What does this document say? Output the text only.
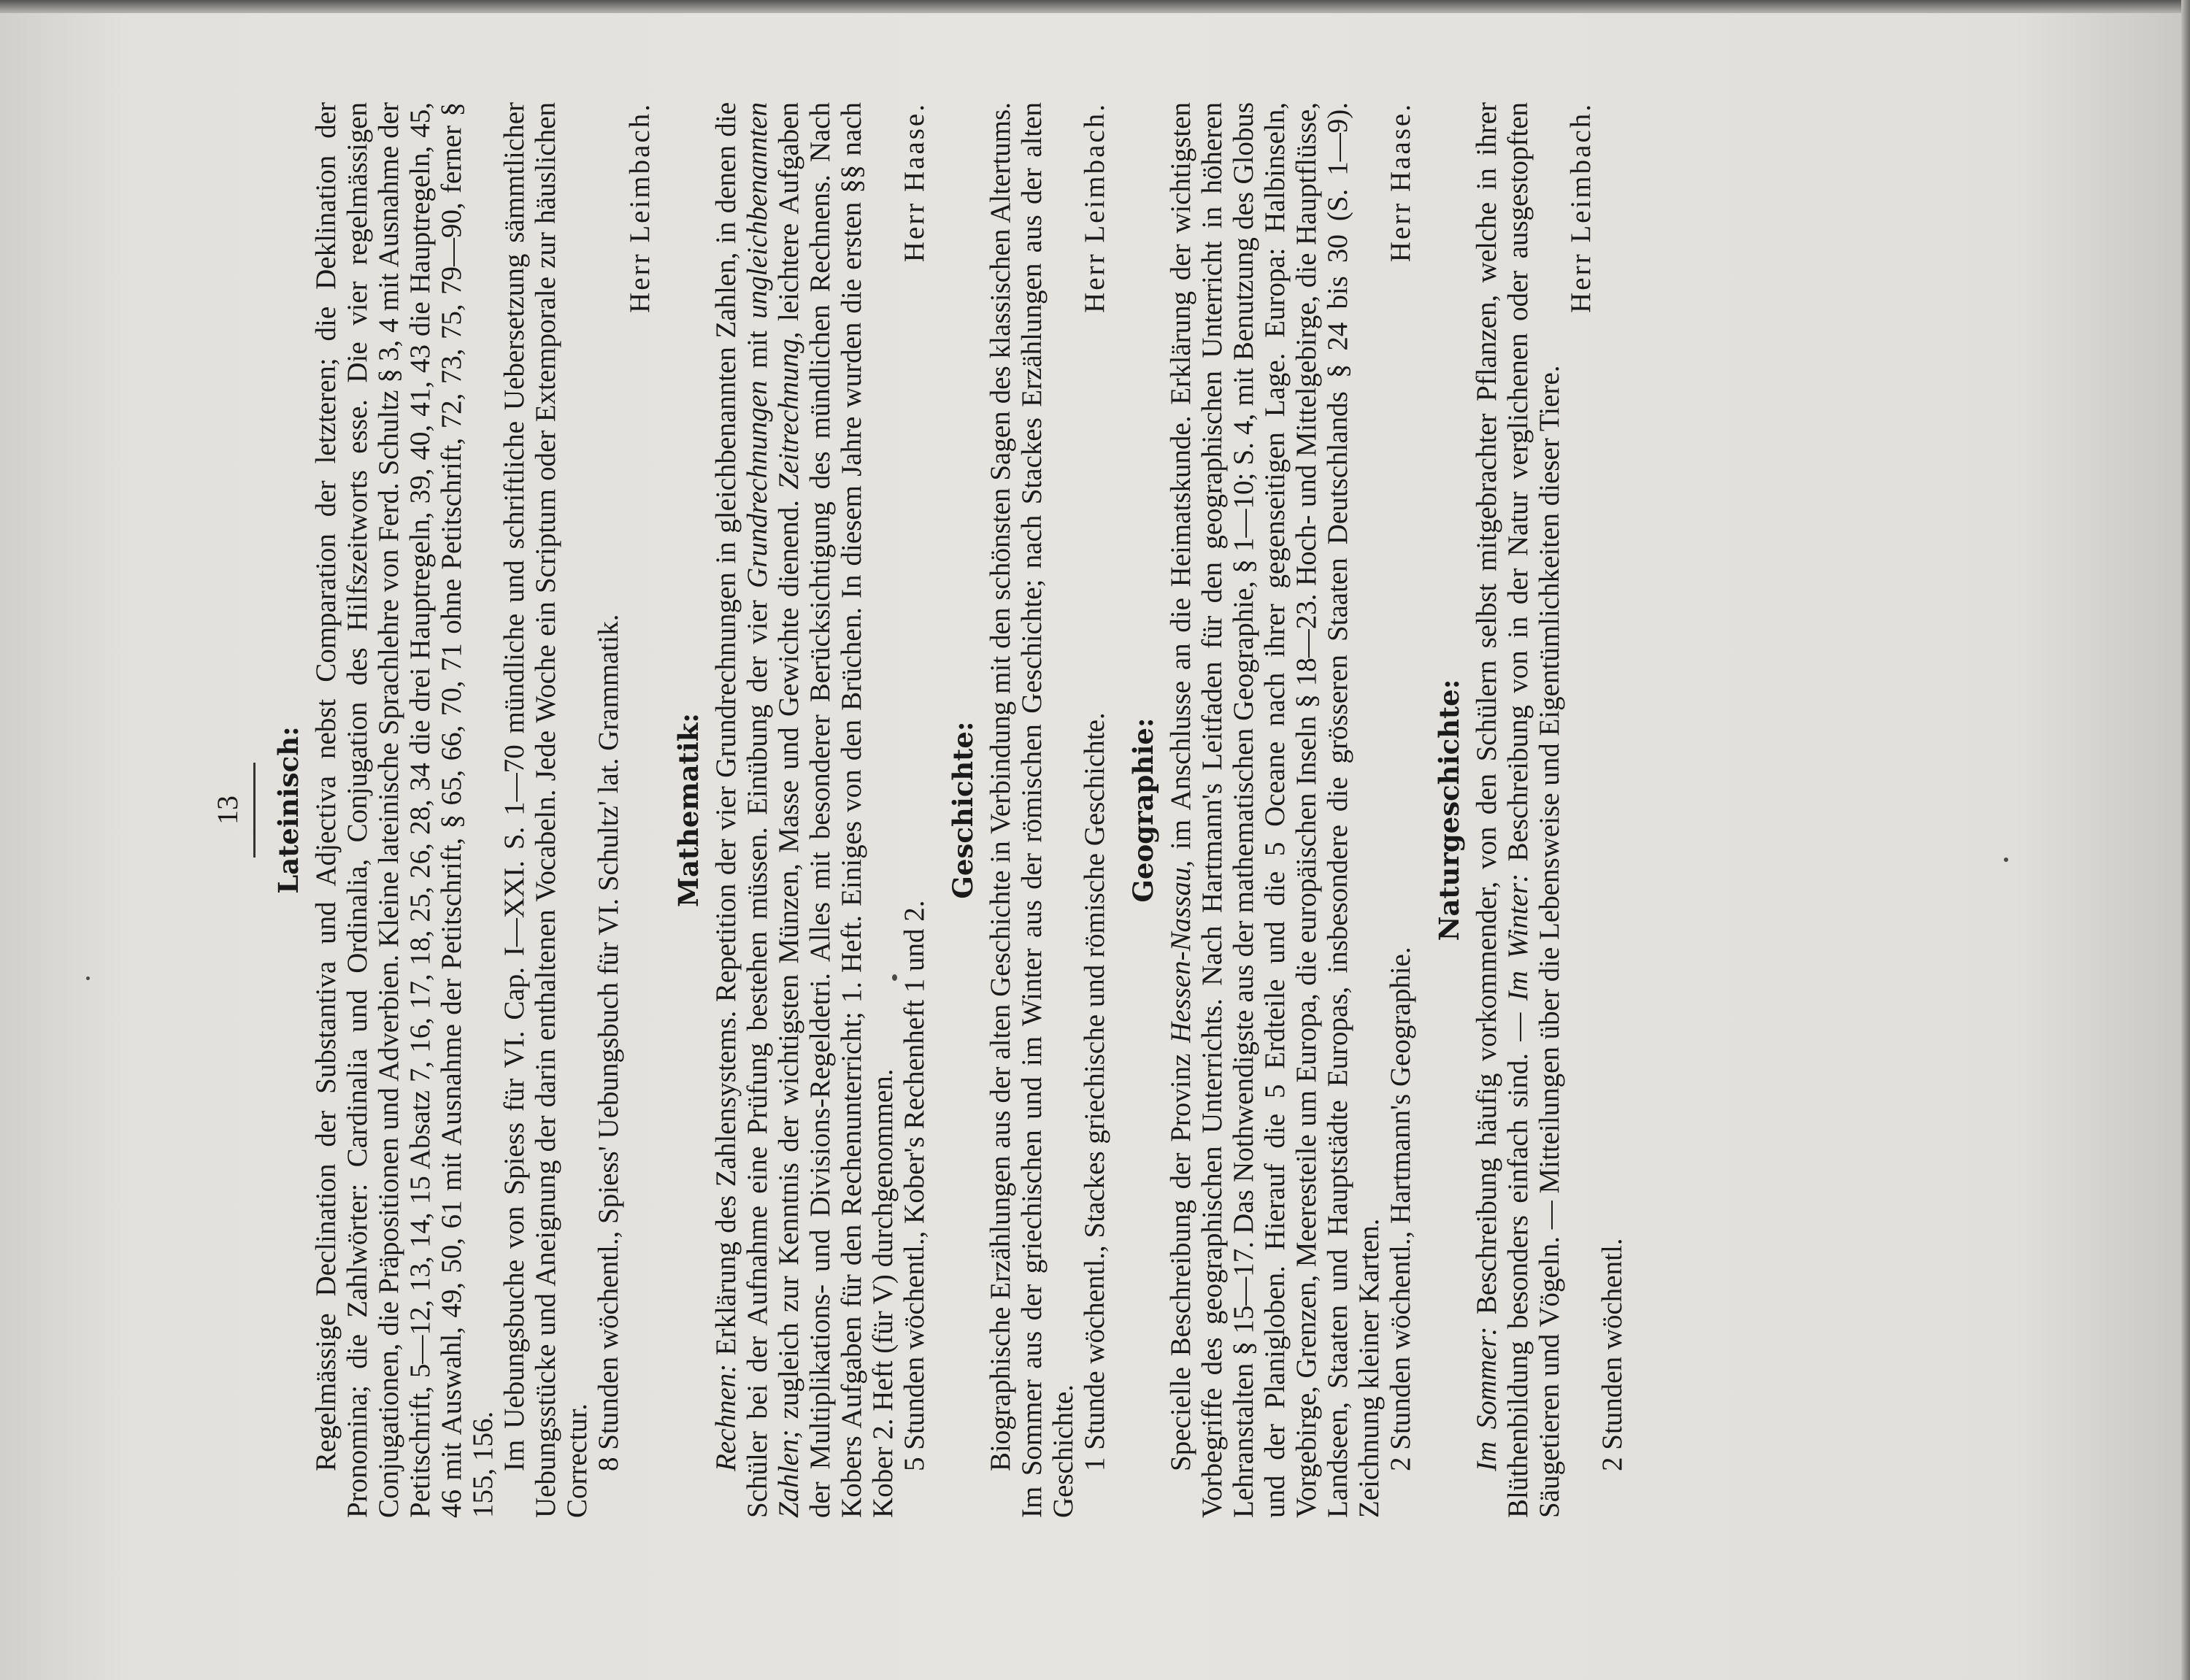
13 Lateinisch: Regelmässige Declination der Substantiva und Adjectiva nebst Comparation der letzteren; die Deklination der Pronomina; die Zahlwörter: Cardinalia und Ordinalia, Conjugation des Hilfszeitworts esse. Die vier regelmässigen Conjugationen, die Präpositionen und Adverbien. Kleine lateinische Sprachlehre von Ferd. Schultz § 3, 4 mit Ausnahme der Petitschrift, 5—12, 13, 14, 15 Absatz 7, 16, 17, 18, 25, 26, 28, 34 die drei Hauptregeln, 39, 40, 41, 43 die Hauptregeln, 45, 46 mit Auswahl, 49, 50, 61 mit Ausnahme der Petitschrift, § 65, 66, 70, 71 ohne Petitschrift, 72, 73, 75, 79—90, ferner § 155, 156. Im Uebungsbuche von Spiess für VI. Cap. I—XXI. S. 1—70 mündliche und schriftliche Uebersetzung sämmtlicher Uebungsstücke und Aneignung der darin enthaltenen Vocabeln. Jede Woche ein Scriptum oder Extemporale zur häuslichen Correctur. 8 Stunden wöchentl., Spiess' Uebungsbuch für VI. Schultz' lat. Grammatik.

Herr Leimbach.

Mathematik:

Rechnen: Erklärung des Zahlensystems. Repetition der vier Grundrechnungen in gleichbenannten Zahlen, in denen die Schüler bei der Aufnahme eine Prüfung bestehen müssen. Einübung der vier Grundrechnungen mit ungleichbenannten Zahlen; zugleich zur Kenntnis der wichtigsten Münzen, Masse und Gewichte dienend. Zeitrechnung, leichtere Aufgaben der Multiplikations- und Divisions-Regeldetri. Alles mit besonderer Berücksichtigung des mündlichen Rechnens. Nach Kobers Aufgaben für den Rechenunterricht; 1. Heft. Einiges von den Brüchen. In diesem Jahre wurden die ersten §§ nach Kober 2. Heft (für V) durchgenommen. 5 Stunden wöchentl., Kober's Rechenheft 1 und 2.
Herr Haase.
Geschichte: Biographische Erzählungen aus der alten Geschichte in Verbindung mit den schönsten Sagen des klassischen Altertums. Im Sommer aus der griechischen und im Winter aus der römischen Geschichte; nach Stackes Erzählungen aus der alten Geschichte. 1 Stunde wöchentl., Stackes griechische und römische Geschichte.
Herr Leimbach.
Geographie:

Specielle Beschreibung der Provinz Hessen-Nassau, im Anschlusse an die Heimatskunde. Erklärung der wichtigsten Vorbegriffe des geographischen Unterrichts. Nach Hartmann's Leitfaden für den geographischen Unterricht in höheren Lehranstalten § 15—17. Das Nothwendigste aus der mathematischen Geographie, § 1—10; S. 4, mit Benutzung des Globus und der Planigloben. Hierauf die 5 Erdteile und die 5 Oceane nach ihrer gegenseitigen Lage. Europa: Halbinseln, Vorgebirge, Grenzen, Meeresteile um Europa, die europäischen Inseln § 18—23. Hoch- und Mittelgebirge, die Hauptflüsse, Landseen, Staaten und Hauptstädte Europas, insbesondere die grösseren Staaten Deutschlands § 24 bis 30 (S. 1—9). Zeichnung kleiner Karten. 2 Stunden wöchentl., Hartmann's Geographie.
Herr Haase.
Naturgeschichte:

Im Sommer: Beschreibung häufig vorkommender, von den Schülern selbst mitgebrachter Pflanzen, welche in ihrer Blüthenbildung besonders einfach sind. — Im Winter: Beschreibung von in der Natur verglichenen oder ausgestopften Säugetieren und Vögeln. — Mitteilungen über die Lebensweise und Eigentümlichkeiten dieser Tiere.

Herr Leimbach.

2 Stunden wöchentl.
